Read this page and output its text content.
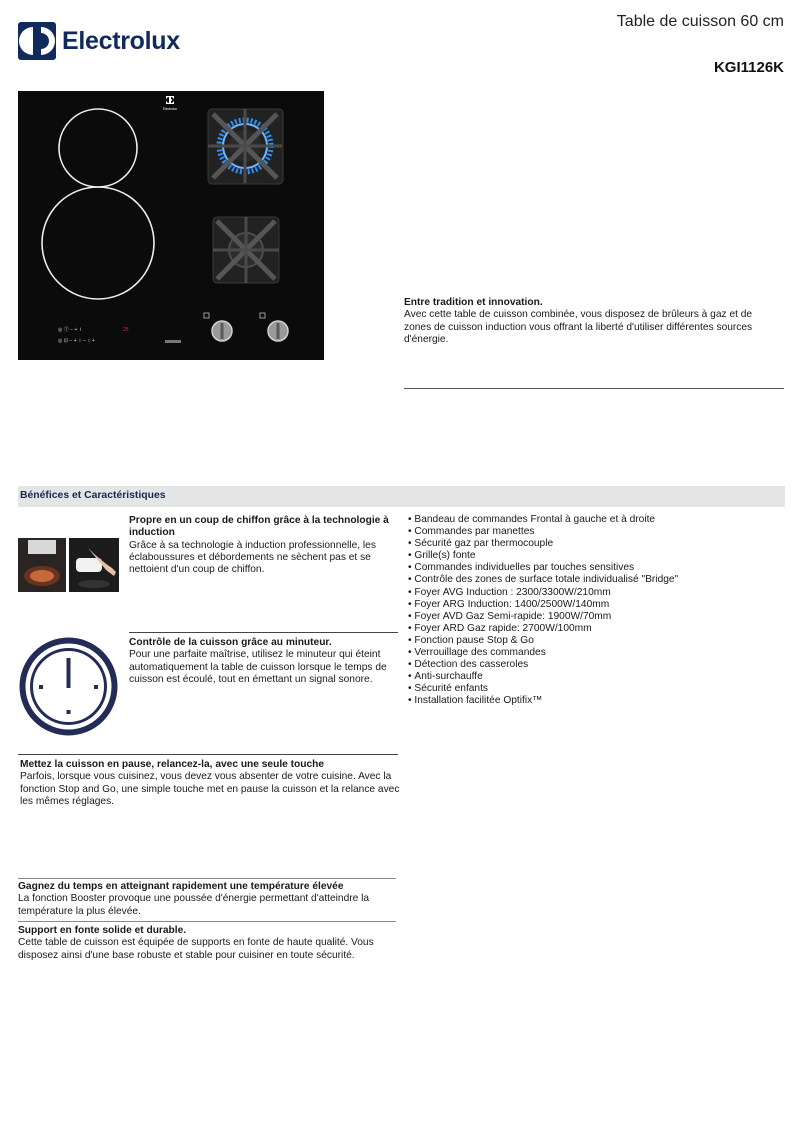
Electrolux
Table de cuisson 60 cm
KGI1126K
Electrolux
◎ Ⓣ − + ⏽
◎ ⊡ − + ⏽ − ○ +
25
Entre tradition et innovation.
Avec cette table de cuisson combinée, vous disposez de brûleurs à gaz et de zones de cuisson induction vous offrant la liberté d'utiliser différentes sources d'énergie.
Bénéfices et Caractéristiques
Propre en un coup de chiffon grâce à la technologie à induction
Grâce à sa technologie à induction professionnelle, les éclaboussures et débordements ne sèchent pas et se nettoient d'un coup de chiffon.
Contrôle de la cuisson grâce au minuteur.
Pour une parfaite maîtrise, utilisez le minuteur qui éteint automatiquement la table de cuisson lorsque le temps de cuisson est écoulé, tout en émettant un signal sonore.
Mettez la cuisson en pause, relancez-la, avec une seule touche
Parfois, lorsque vous cuisinez, vous devez vous absenter de votre cuisine. Avec la fonction Stop and Go, une simple touche met en pause la cuisson et la relance avec les mêmes réglages.
Gagnez du temps en atteignant rapidement une température élevée
La fonction Booster provoque une poussée d'énergie permettant d'atteindre la température la plus élevée.
Support en fonte solide et durable.
Cette table de cuisson est équipée de supports en fonte de haute qualité. Vous disposez ainsi d'une base robuste et stable pour cuisiner en toute sécurité.
• Bandeau de commandes Frontal à gauche et à droite
• Commandes par manettes
• Sécurité gaz par thermocouple
• Grille(s) fonte
• Commandes individuelles par touches sensitives
• Contrôle des zones de surface totale individualisé "Bridge"
• Foyer AVG Induction : 2300/3300W/210mm
• Foyer ARG Induction: 1400/2500W/140mm
• Foyer AVD Gaz Semi-rapide: 1900W/70mm
• Foyer ARD Gaz rapide: 2700W/100mm
• Fonction pause Stop & Go
• Verrouillage des commandes
• Détection des casseroles
• Anti-surchauffe
• Sécurité enfants
• Installation facilitée Optifix™
